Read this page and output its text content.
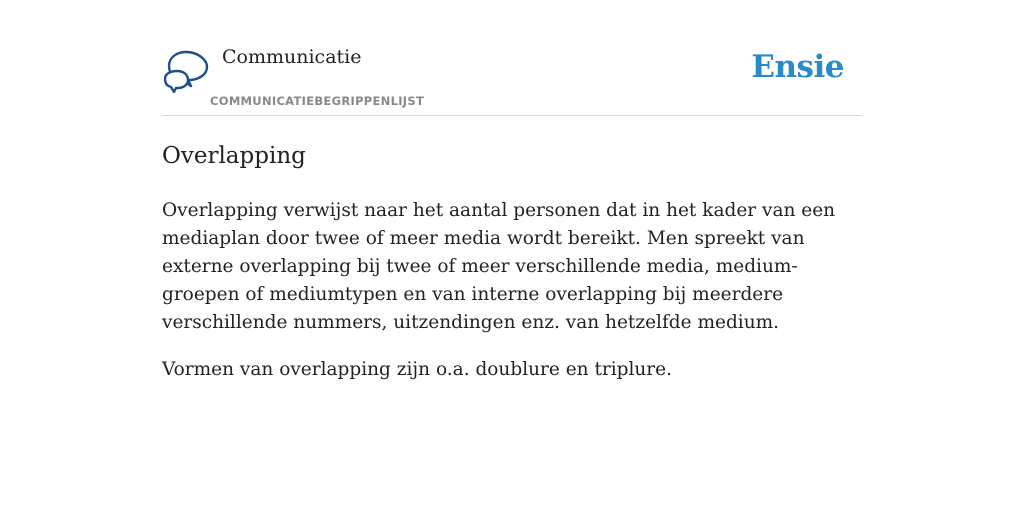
Communicatie
COMMUNICATIEBEGRIPPENLIJST
Ensie
Overlapping

Overlapping verwijst naar het aantal personen dat in het kader van een mediaplan door twee of meer media wordt bereikt. Men spreekt van externe overlapping bij twee of meer verschillende media, medium- groepen of mediumtypen en van interne overlapping bij meerdere verschillende nummers, uitzendingen enz. van hetzelfde medium.

Vormen van overlapping zijn o.a. doublure en triplure.
